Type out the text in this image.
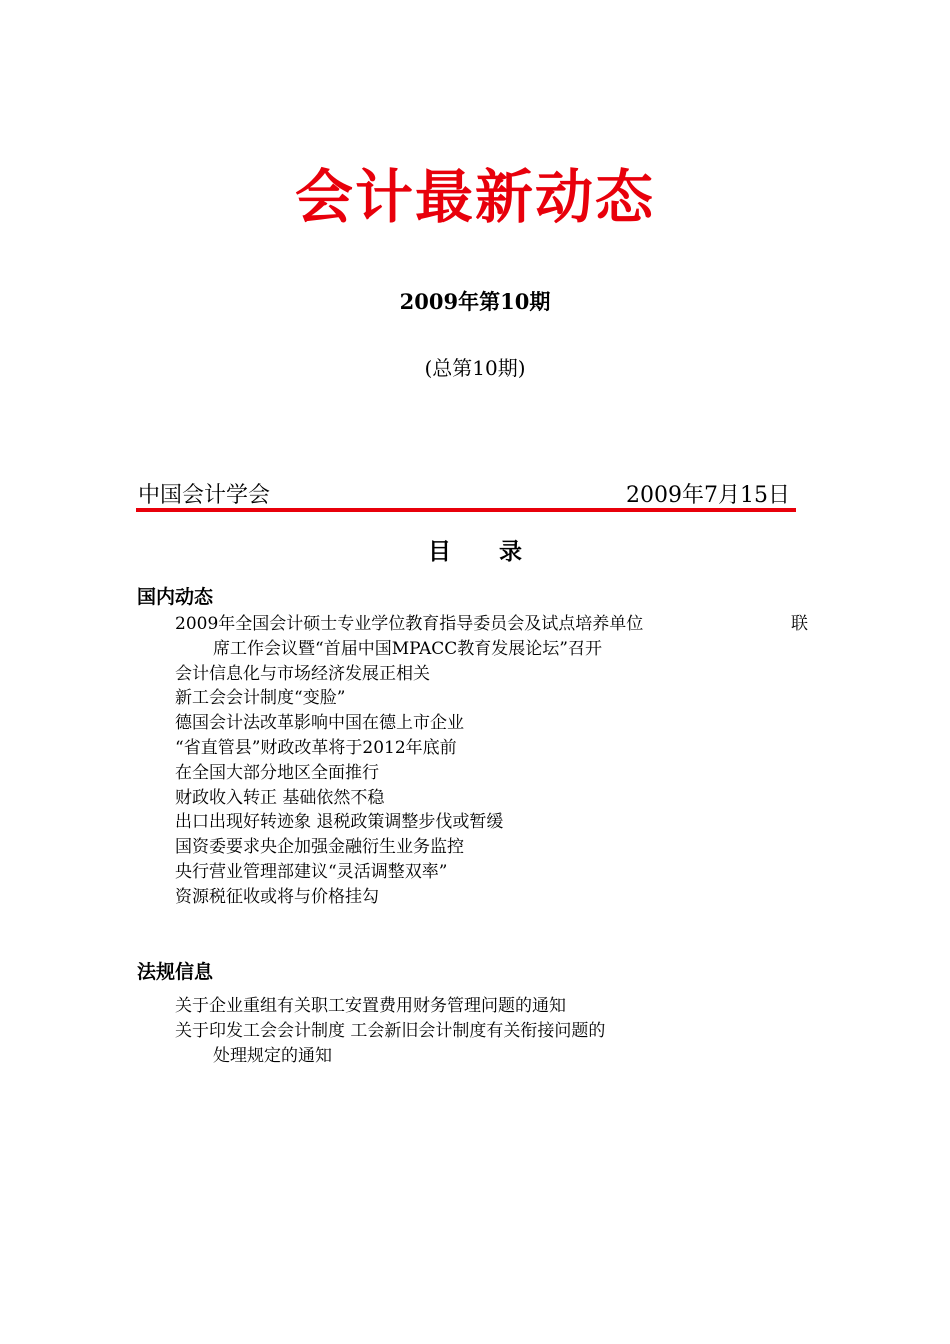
会计最新动态
2009年第10期
(总第10期)
中国会计学会	2009年7月15日
目 录
国内动态
2009年全国会计硕士专业学位教育指导委员会及试点培养单位	联
席工作会议暨“首届中国MPACC教育发展论坛”召开
会计信息化与市场经济发展正相关
新工会会计制度“变脸”
德国会计法改革影响中国在德上市企业
“省直管县”财政改革将于2012年底前
在全国大部分地区全面推行
财政收入转正 基础依然不稳
出口出现好转迹象 退税政策调整步伐或暂缓
国资委要求央企加强金融衍生业务监控
央行营业管理部建议“灵活调整双率”
资源税征收或将与价格挂勾
法规信息
关于企业重组有关职工安置费用财务管理问题的通知
关于印发工会会计制度 工会新旧会计制度有关衔接问题的
处理规定的通知
